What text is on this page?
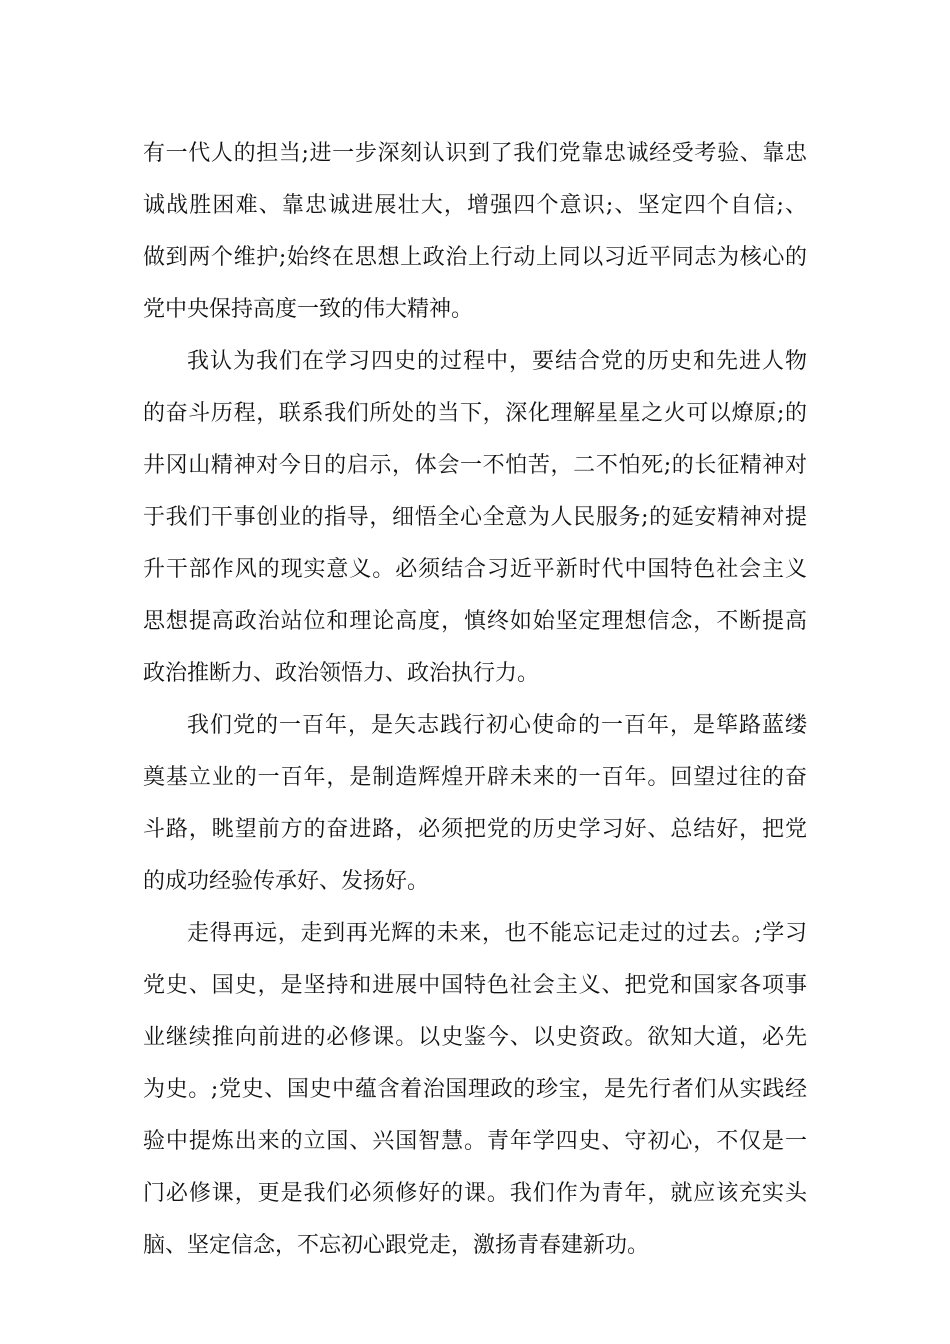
有一代人的担当;进一步深刻认识到了我们党靠忠诚经受考验、靠忠
诚战胜困难、靠忠诚进展壮大，增强四个意识;、坚定四个自信;、
做到两个维护;始终在思想上政治上行动上同以习近平同志为核心的
党中央保持高度一致的伟大精神。
我认为我们在学习四史的过程中，要结合党的历史和先进人物
的奋斗历程，联系我们所处的当下，深化理解星星之火可以燎原;的
井冈山精神对今日的启示，体会一不怕苦，二不怕死;的长征精神对
于我们干事创业的指导，细悟全心全意为人民服务;的延安精神对提
升干部作风的现实意义。必须结合习近平新时代中国特色社会主义
思想提高政治站位和理论高度，慎终如始坚定理想信念，不断提高
政治推断力、政治领悟力、政治执行力。
我们党的一百年，是矢志践行初心使命的一百年，是筚路蓝缕
奠基立业的一百年，是制造辉煌开辟未来的一百年。回望过往的奋
斗路，眺望前方的奋进路，必须把党的历史学习好、总结好，把党
的成功经验传承好、发扬好。
走得再远，走到再光辉的未来，也不能忘记走过的过去。;学习
党史、国史，是坚持和进展中国特色社会主义、把党和国家各项事
业继续推向前进的必修课。以史鉴今、以史资政。欲知大道，必先
为史。;党史、国史中蕴含着治国理政的珍宝，是先行者们从实践经
验中提炼出来的立国、兴国智慧。青年学四史、守初心，不仅是一
门必修课，更是我们必须修好的课。我们作为青年，就应该充实头
脑、坚定信念，不忘初心跟党走，激扬青春建新功。
